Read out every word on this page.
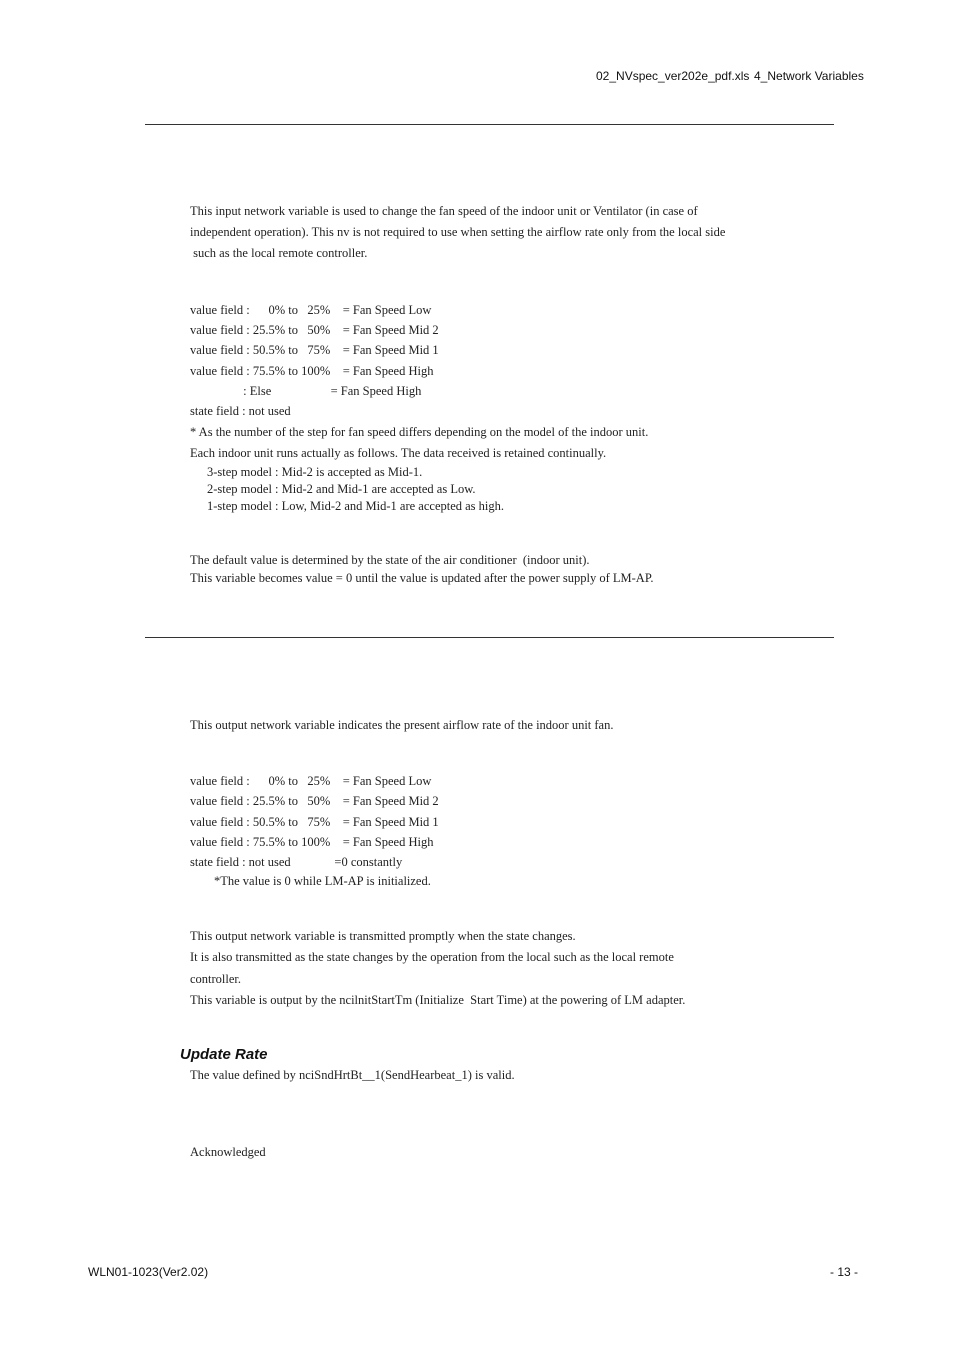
02_NVspec_ver202e_pdf.xls 4_Network Variables
This input network variable is used to change the fan speed of the indoor unit or Ventilator (in case of
independent operation). This nv is not required to use when setting the airflow rate only from the local side
such as the local remote controller.
value field :      0% to   25%    = Fan Speed Low
value field : 25.5% to   50%    = Fan Speed Mid 2
value field : 50.5% to   75%    = Fan Speed Mid 1
value field : 75.5% to 100%    = Fan Speed High
: Else                   = Fan Speed High
state field : not used
* As the number of the step for fan speed differs depending on the model of the indoor unit.
Each indoor unit runs actually as follows. The data received is retained continually.
3-step model : Mid-2 is accepted as Mid-1.
2-step model : Mid-2 and Mid-1 are accepted as Low.
1-step model : Low, Mid-2 and Mid-1 are accepted as high.
The default value is determined by the state of the air conditioner  (indoor unit).
This variable becomes value = 0 until the value is updated after the power supply of LM-AP.
This output network variable indicates the present airflow rate of the indoor unit fan.
value field :      0% to   25%    = Fan Speed Low
value field : 25.5% to   50%    = Fan Speed Mid 2
value field : 50.5% to   75%    = Fan Speed Mid 1
value field : 75.5% to 100%    = Fan Speed High
state field : not used              =0 constantly
*The value is 0 while LM-AP is initialized.
This output network variable is transmitted promptly when the state changes.
It is also transmitted as the state changes by the operation from the local such as the local remote
controller.
This variable is output by the ncilnitStartTm (Initialize  Start Time) at the powering of LM adapter.
Update Rate
The value defined by nciSndHrtBt__1(SendHearbeat_1) is valid.
Acknowledged
WLN01-1023(Ver2.02)	- 13 -
